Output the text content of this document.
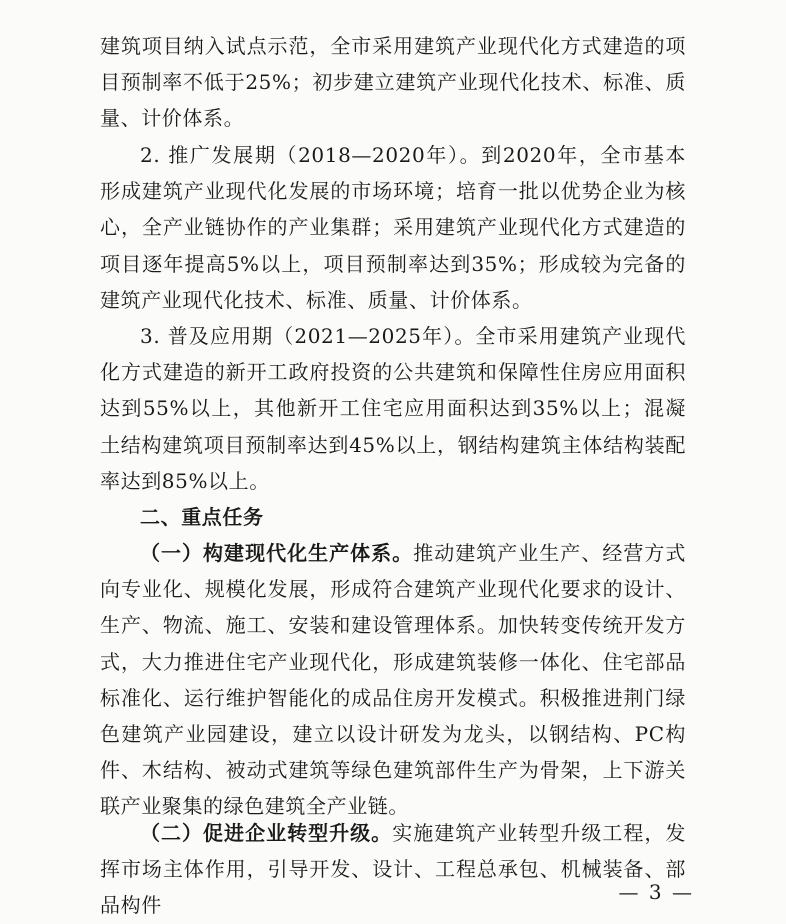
建筑项目纳入试点示范，全市采用建筑产业现代化方式建造的项目预制率不低于25%；初步建立建筑产业现代化技术、标准、质量、计价体系。

2. 推广发展期（2018—2020年）。到2020年，全市基本形成建筑产业现代化发展的市场环境；培育一批以优势企业为核心，全产业链协作的产业集群；采用建筑产业现代化方式建造的项目逐年提高5%以上，项目预制率达到35%；形成较为完备的建筑产业现代化技术、标准、质量、计价体系。

3. 普及应用期（2021—2025年）。全市采用建筑产业现代化方式建造的新开工政府投资的公共建筑和保障性住房应用面积达到55%以上，其他新开工住宅应用面积达到35%以上；混凝土结构建筑项目预制率达到45%以上，钢结构建筑主体结构装配率达到85%以上。

二、重点任务

（一）构建现代化生产体系。推动建筑产业生产、经营方式向专业化、规模化发展，形成符合建筑产业现代化要求的设计、生产、物流、施工、安装和建设管理体系。加快转变传统开发方式，大力推进住宅产业现代化，形成建筑装修一体化、住宅部品标准化、运行维护智能化的成品住房开发模式。积极推进荆门绿色建筑产业园建设，建立以设计研发为龙头，以钢结构、PC构件、木结构、被动式建筑等绿色建筑部件生产为骨架，上下游关联产业聚集的绿色建筑全产业链。

（二）促进企业转型升级。实施建筑产业转型升级工程，发挥市场主体作用，引导开发、设计、工程总承包、机械装备、部品构件

— 3 —
